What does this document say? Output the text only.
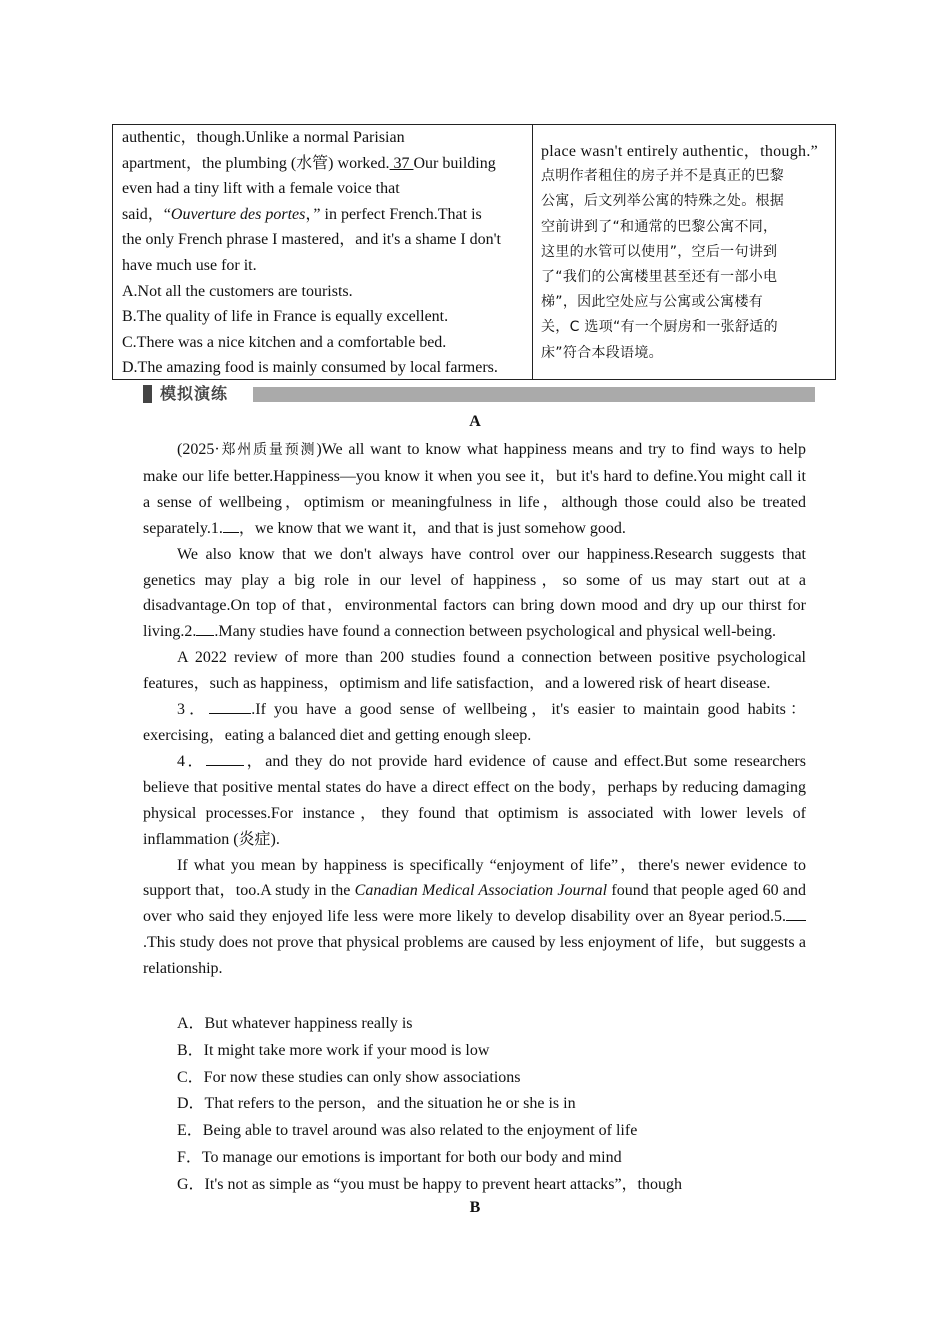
authentic，though.Unlike a normal Parisian

apartment，the plumbing (水管) worked. 37 Our building

even had a tiny lift with a female voice that

said，“Ouverture des portes，” in perfect French.That is

the only French phrase I mastered，and it's a shame I don't

have much use for it.

A.Not all the customers are tourists.

B.The quality of life in France is equally excellent.

C.There was a nice kitchen and a comfortable bed.

D.The amazing food is mainly consumed by local farmers.

place wasn't entirely authentic，though.”

点明作者租住的房子并不是真正的巴黎

公寓，后文列举公寓的特殊之处。根据

空前讲到了“和通常的巴黎公寓不同，

这里的水管可以使用”，空后一句讲到

了“我们的公寓楼里甚至还有一部小电

梯”，因此空处应与公寓或公寓楼有

关，C 选项“有一个厨房和一张舒适的

床”符合本段语境。

模拟演练
A

(2025·郑州质量预测)We all want to know what happiness means and try to find ways to help make our life better.Happiness—you know it when you see it，but it's hard to define.You might call it a sense of wellbeing，optimism or meaningfulness in life，although those could also be treated separately.1. ，we know that we want it，and that is just somehow good.

We also know that we don't always have control over our happiness.Research suggests that genetics may play a big role in our level of happiness，so some of us may start out at a disadvantage.On top of that，environmental factors can bring down mood and dry up our thirst for living.2. .Many studies have found a connection between psychological and physical well-being.

A 2022 review of more than 200 studies found a connection between positive psychological features，such as happiness，optimism and life satisfaction，and a lowered risk of heart disease.

3．	.If you have a good sense of wellbeing，it's easier to maintain good habits：exercising，eating a balanced diet and getting enough sleep.

4． ，and they do not provide hard evidence of cause and effect.But some researchers believe that positive mental states do have a direct effect on the body，perhaps by reducing damaging physical processes.For instance，they found that optimism is associated with lower levels of inflammation (炎症).

If what you mean by happiness is specifically “enjoyment of life”，there's newer evidence to support that，too.A study in the Canadian Medical Association Journal found that people aged 60 and over who said they enjoyed life less were more likely to develop disability over an 8year period.5..This study does not prove that physical problems are caused by less enjoyment of life，but suggests a relationship.

A．But whatever happiness really is
B．It might take more work if your mood is low
C．For now these studies can only show associations
D．That refers to the person，and the situation he or she is in
E．Being able to travel around was also related to the enjoyment of life
F．To manage our emotions is important for both our body and mind
G．It's not as simple as “you must be happy to prevent heart attacks”，though
B
